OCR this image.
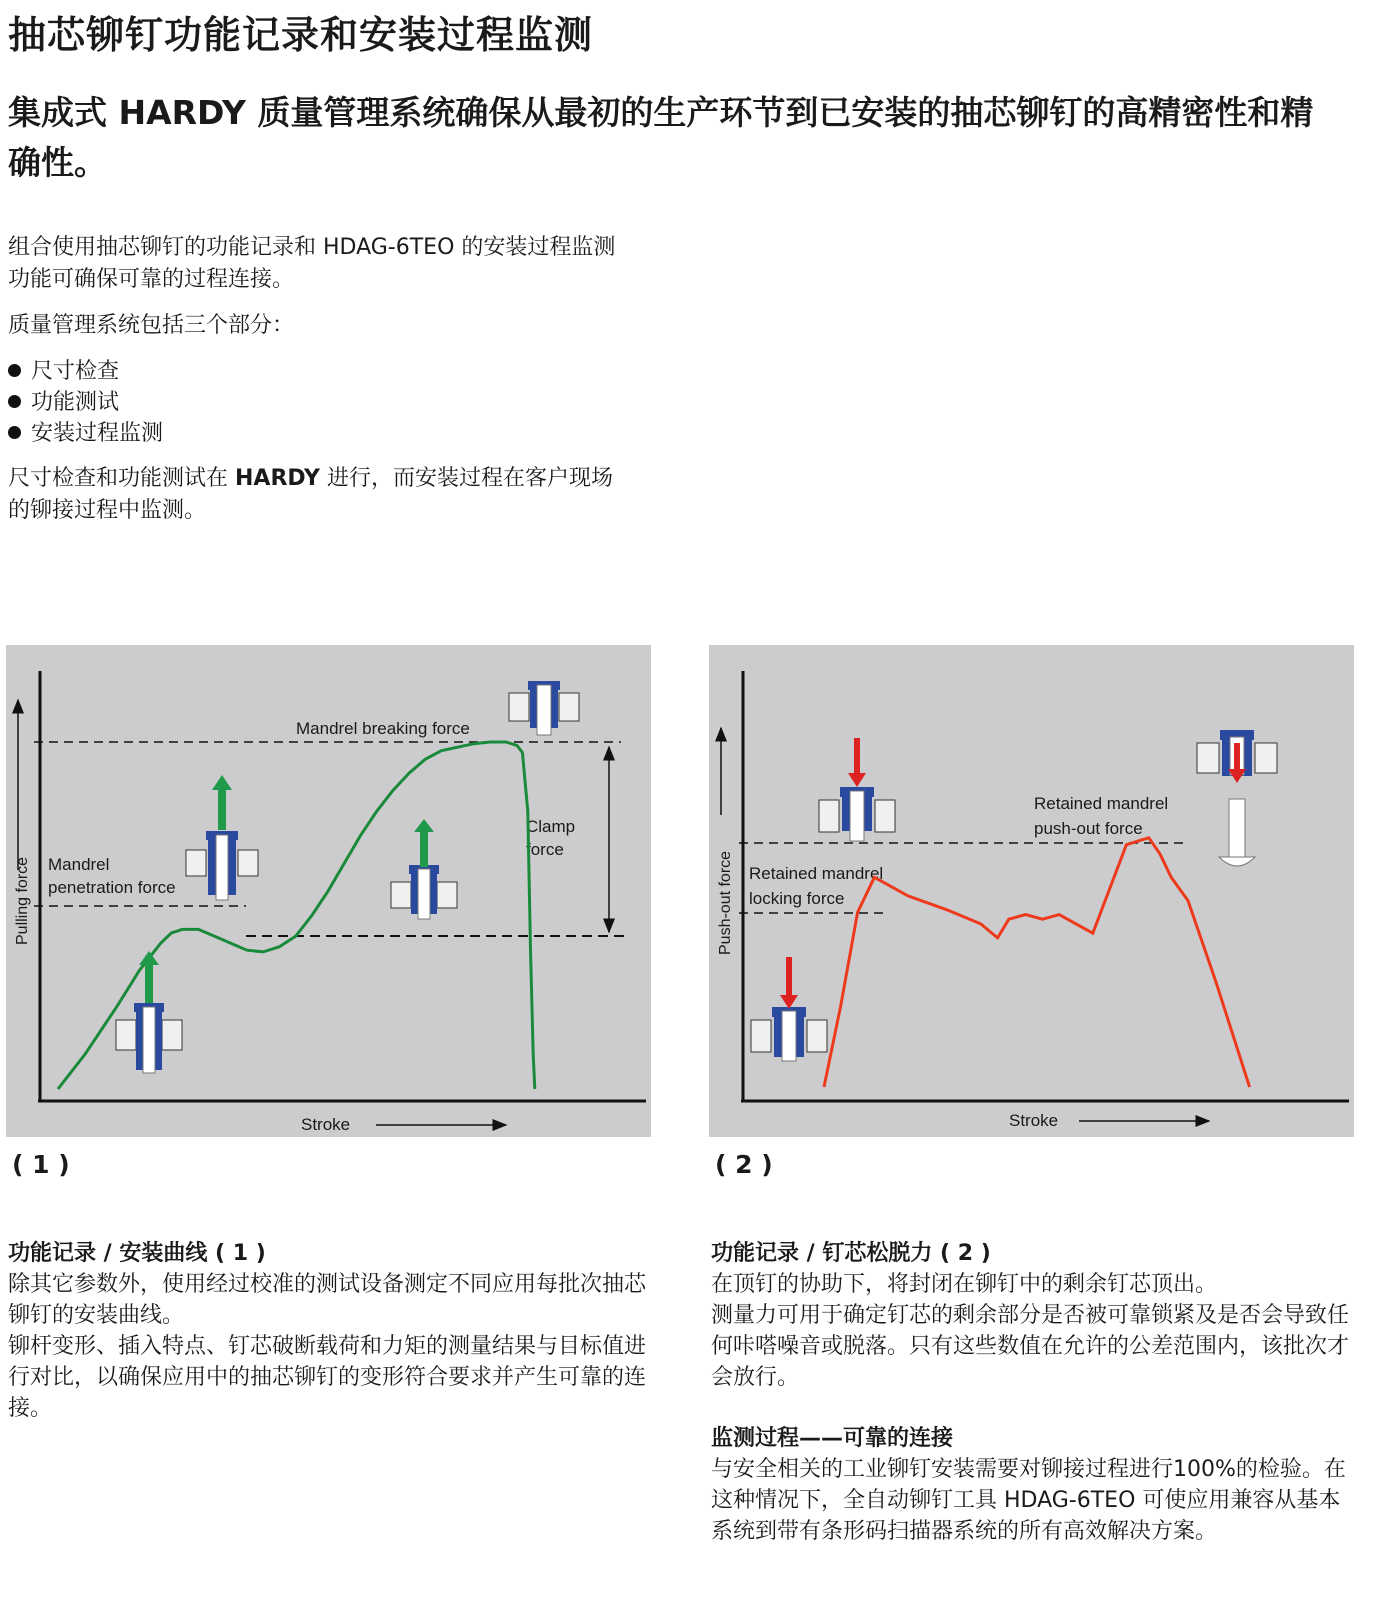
抽芯铆钉功能记录和安装过程监测
集成式 HARDY 质量管理系统确保从最初的生产环节到已安装的抽芯铆钉的高精密性和精确性。

组合使用抽芯铆钉的功能记录和 HDAG-6TEO 的安装过程监测功能可确保可靠的过程连接。

质量管理系统包括三个部分：

尺寸检查
功能测试
安装过程监测

尺寸检查和功能测试在 HARDY 进行，而安装过程在客户现场的铆接过程中监测。

Pulling force
Stroke
Mandrel breaking force
Mandrel
penetration force
Clamp
force
( 1 )
Push-out force
Stroke
Retained mandrel
push-out force
Retained mandrel
locking force
( 2 )
功能记录 / 安装曲线 ( 1 )

除其它参数外，使用经过校准的测试设备测定不同应用每批次抽芯铆钉的安装曲线。

铆杆变形、插入特点、钉芯破断载荷和力矩的测量结果与目标值进行对比，以确保应用中的抽芯铆钉的变形符合要求并产生可靠的连接。

功能记录 / 钉芯松脱力 ( 2 )

在顶钉的协助下，将封闭在铆钉中的剩余钉芯顶出。

测量力可用于确定钉芯的剩余部分是否被可靠锁紧及是否会导致任何咔嗒噪音或脱落。只有这些数值在允许的公差范围内，该批次才会放行。

监测过程——可靠的连接

与安全相关的工业铆钉安装需要对铆接过程进行100%的检验。在这种情况下，全自动铆钉工具 HDAG-6TEO 可使应用兼容从基本系统到带有条形码扫描器系统的所有高效解决方案。
